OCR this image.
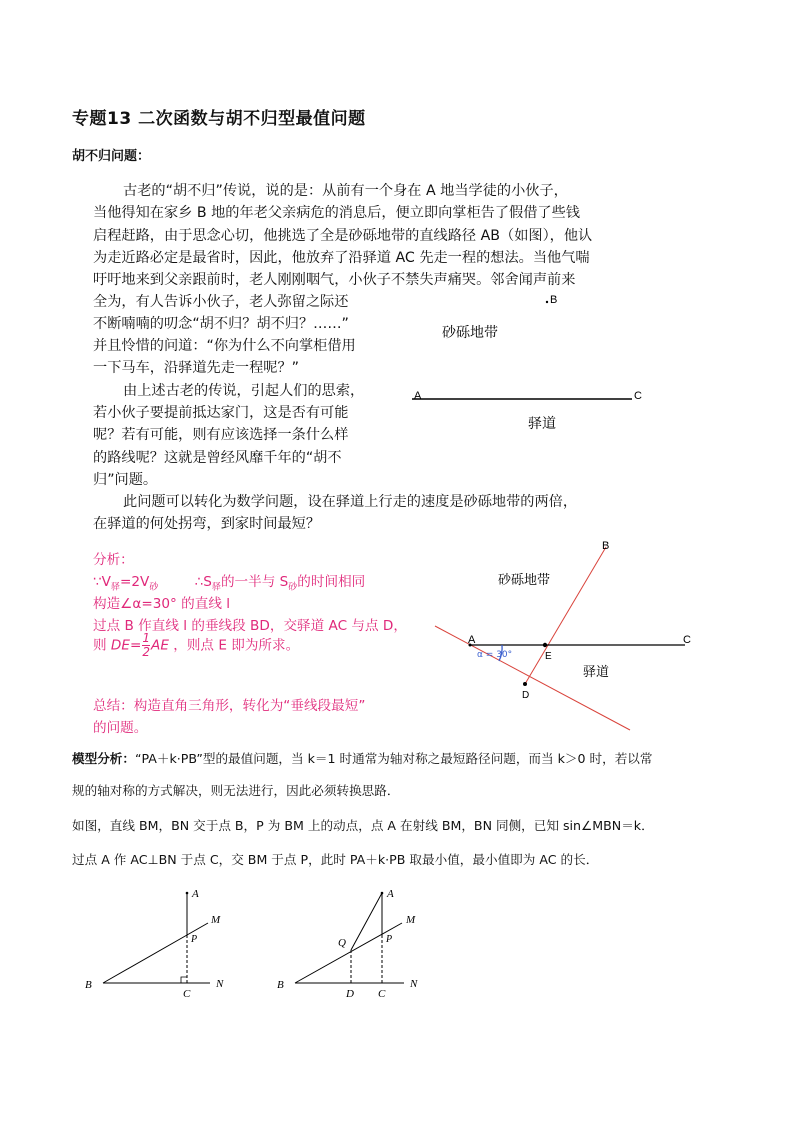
专题13 二次函数与胡不归型最值问题
胡不归问题：
古老的“胡不归”传说，说的是：从前有一个身在 A 地当学徒的小伙子，
当他得知在家乡 B 地的年老父亲病危的消息后，便立即向掌柜告了假借了些钱
启程赶路，由于思念心切，他挑选了全是砂砾地带的直线路径 AB（如图），他认
为走近路必定是最省时，因此，他放弃了沿驿道 AC 先走一程的想法。当他气喘
吁吁地来到父亲跟前时，老人刚刚咽气，小伙子不禁失声痛哭。邻舍闻声前来
全为，有人告诉小伙子，老人弥留之际还
不断喃喃的叨念“胡不归？胡不归？……”
并且怜惜的问道：“你为什么不向掌柜借用
一下马车，沿驿道先走一程呢？”
由上述古老的传说，引起人们的思索，
若小伙子要提前抵达家门，这是否有可能
呢？若有可能，则有应该选择一条什么样
的路线呢？这就是曾经风靡千年的“胡不
归”问题。
此问题可以转化为数学问题，设在驿道上行走的速度是砂砾地带的两倍，
在驿道的何处拐弯，到家时间最短？
B
A	C
砂砾地带
驿道
分析：
$\because V_驿=2V_砂$	$\therefore S_驿$的一半与 $S_砂$的时间相同
构造∠α=30° 的直线 l
过点 B 作直线 l 的垂线段 BD，交驿道 AC 与点 D，
则 $DE= \frac{1}{2}$ AE ，则点 E 即为所求。
总结：构造直角三角形，转化为“垂线段最短”
的问题。
α = 30°
B
A	C
E
D
砂砾地带
驿道
模型分析：“PA＋k·PB”型的最值问题，当 k＝1 时通常为轴对称之最短路径问题，而当 k＞0 时，若以常
规的轴对称的方式解决，则无法进行，因此必须转换思路．
如图，直线 BM，BN 交于点 B，P 为 BM 上的动点，点 A 在射线 BM，BN 同侧，已知 sin∠MBN＝k．
过点 A 作 AC⊥BN 于点 C，交 BM 于点 P，此时 PA＋k·PB 取最小值，最小值即为 AC 的长．
A
M
P
B
C
N
A
M
Q	P
B
D C
N
